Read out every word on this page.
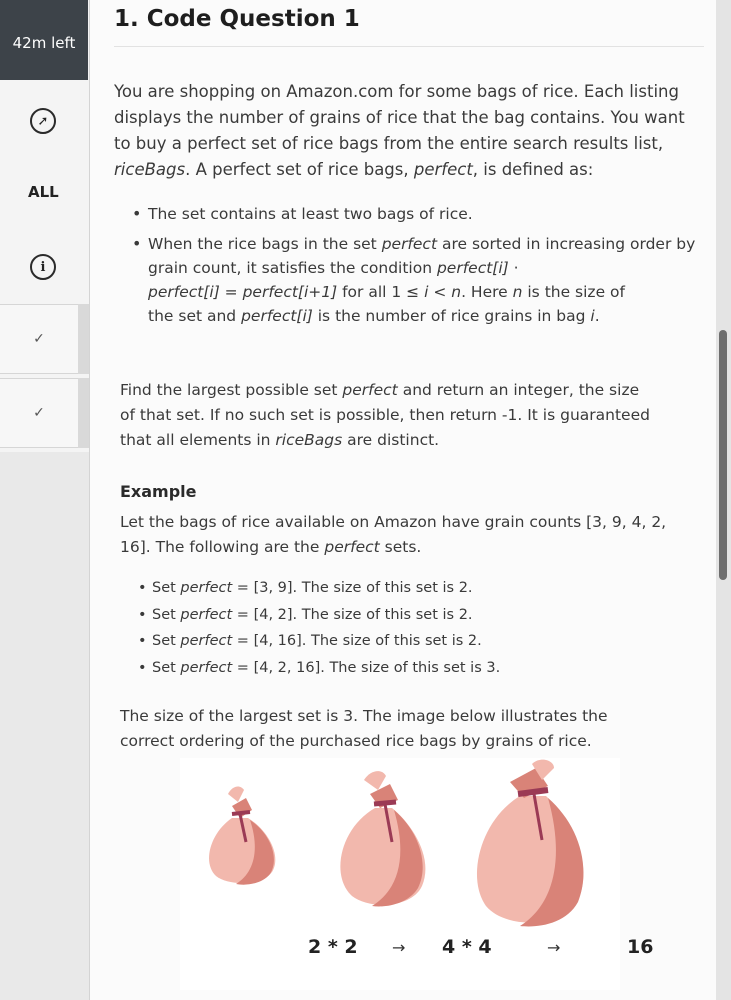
42m left
➚
ALL
i
✓
✓
1. Code Question 1
You are shopping on Amazon.com for some bags of rice. Each listing
displays the number of grains of rice that the bag contains. You want
to buy a perfect set of rice bags from the entire search results list,
riceBags. A perfect set of rice bags, perfect, is defined as:
• The set contains at least two bags of rice.
• When the rice bags in the set perfect are sorted in increasing order by
grain count, it satisfies the condition perfect[i] ·
perfect[i] = perfect[i+1] for all 1 ≤ i < n. Here n is the size of
the set and perfect[i] is the number of rice grains in bag i.
Find the largest possible set perfect and return an integer, the size
of that set. If no such set is possible, then return -1. It is guaranteed
that all elements in riceBags are distinct.
Example
Let the bags of rice available on Amazon have grain counts [3, 9, 4, 2,
16]. The following are the perfect sets.
• Set perfect = [3, 9]. The size of this set is 2.
• Set perfect = [4, 2]. The size of this set is 2.
• Set perfect = [4, 16]. The size of this set is 2.
• Set perfect = [4, 2, 16]. The size of this set is 3.
The size of the largest set is 3. The image below illustrates the
correct ordering of the purchased rice bags by grains of rice.
2 * 2 → 4 * 4	→	16
